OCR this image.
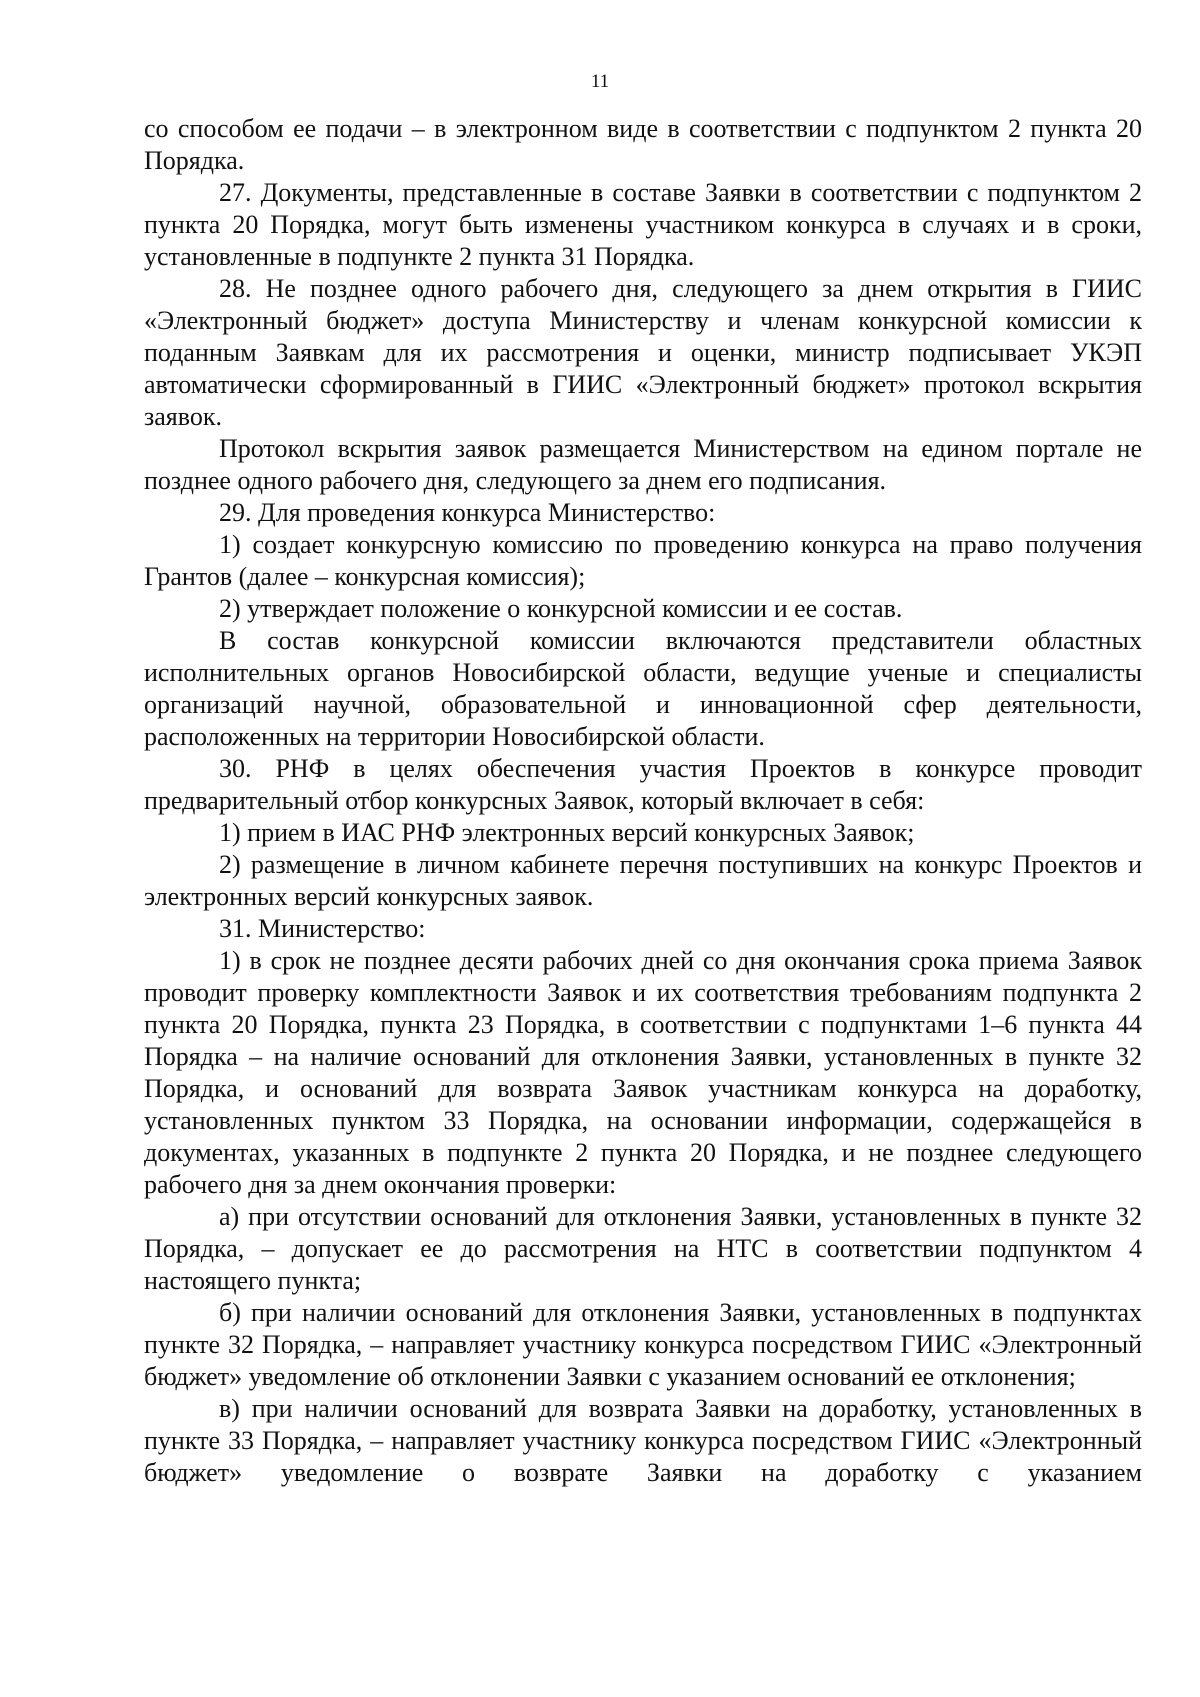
11

со способом ее подачи – в электронном виде в соответствии с подпунктом 2 пункта 20 Порядка.

27. Документы, представленные в составе Заявки в соответствии с подпунктом 2 пункта 20 Порядка, могут быть изменены участником конкурса в случаях и в сроки, установленные в подпункте 2 пункта 31 Порядка.

28. Не позднее одного рабочего дня, следующего за днем открытия в ГИИС «Электронный бюджет» доступа Министерству и членам конкурсной комиссии к поданным Заявкам для их рассмотрения и оценки, министр подписывает УКЭП автоматически сформированный в ГИИС «Электронный бюджет» протокол вскрытия заявок.

Протокол вскрытия заявок размещается Министерством на едином портале не позднее одного рабочего дня, следующего за днем его подписания.

29. Для проведения конкурса Министерство:

1) создает конкурсную комиссию по проведению конкурса на право получения Грантов (далее – конкурсная комиссия);

2) утверждает положение о конкурсной комиссии и ее состав.

В состав конкурсной комиссии включаются представители областных исполнительных органов Новосибирской области, ведущие ученые и специалисты организаций научной, образовательной и инновационной сфер деятельности, расположенных на территории Новосибирской области.

30. РНФ в целях обеспечения участия Проектов в конкурсе проводит предварительный отбор конкурсных Заявок, который включает в себя:

1) прием в ИАС РНФ электронных версий конкурсных Заявок;

2) размещение в личном кабинете перечня поступивших на конкурс Проектов и электронных версий конкурсных заявок.

31. Министерство:

1) в срок не позднее десяти рабочих дней со дня окончания срока приема Заявок проводит проверку комплектности Заявок и их соответствия требованиям подпункта 2 пункта 20 Порядка, пункта 23 Порядка, в соответствии с подпунктами 1–6 пункта 44 Порядка – на наличие оснований для отклонения Заявки, установленных в пункте 32 Порядка, и оснований для возврата Заявок участникам конкурса на доработку, установленных пунктом 33 Порядка, на основании информации, содержащейся в документах, указанных в подпункте 2 пункта 20 Порядка, и не позднее следующего рабочего дня за днем окончания проверки:

а) при отсутствии оснований для отклонения Заявки, установленных в пункте 32 Порядка, – допускает ее до рассмотрения на НТС в соответствии подпунктом 4 настоящего пункта;

б) при наличии оснований для отклонения Заявки, установленных в подпунктах пункте 32 Порядка, – направляет участнику конкурса посредством ГИИС «Электронный бюджет» уведомление об отклонении Заявки с указанием оснований ее отклонения;

в) при наличии оснований для возврата Заявки на доработку, установленных в пункте 33 Порядка, – направляет участнику конкурса посредством ГИИС «Электронный бюджет» уведомление о возврате Заявки на доработку с указанием
